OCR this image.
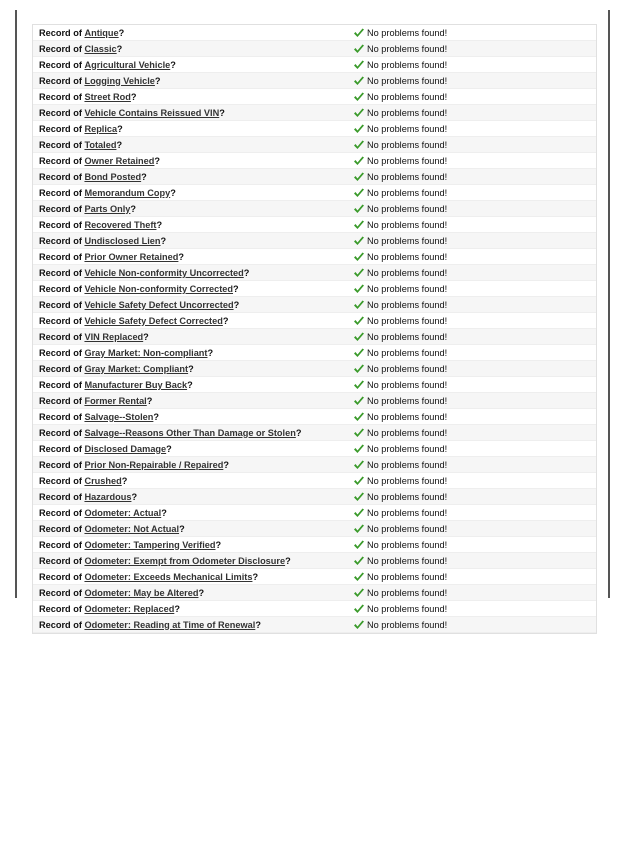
Record of Antique?	No problems found!
Record of Classic?	No problems found!
Record of Agricultural Vehicle?	No problems found!
Record of Logging Vehicle?	No problems found!
Record of Street Rod?	No problems found!
Record of Vehicle Contains Reissued VIN?	No problems found!
Record of Replica?	No problems found!
Record of Totaled?	No problems found!
Record of Owner Retained?	No problems found!
Record of Bond Posted?	No problems found!
Record of Memorandum Copy?	No problems found!
Record of Parts Only?	No problems found!
Record of Recovered Theft?	No problems found!
Record of Undisclosed Lien?	No problems found!
Record of Prior Owner Retained?	No problems found!
Record of Vehicle Non-conformity Uncorrected?	No problems found!
Record of Vehicle Non-conformity Corrected?	No problems found!
Record of Vehicle Safety Defect Uncorrected?	No problems found!
Record of Vehicle Safety Defect Corrected?	No problems found!
Record of VIN Replaced?	No problems found!
Record of Gray Market: Non-compliant?	No problems found!
Record of Gray Market: Compliant?	No problems found!
Record of Manufacturer Buy Back?	No problems found!
Record of Former Rental?	No problems found!
Record of Salvage--Stolen?	No problems found!
Record of Salvage--Reasons Other Than Damage or Stolen?	No problems found!
Record of Disclosed Damage?	No problems found!
Record of Prior Non-Repairable / Repaired?	No problems found!
Record of Crushed?	No problems found!
Record of Hazardous?	No problems found!
Record of Odometer: Actual?	No problems found!
Record of Odometer: Not Actual?	No problems found!
Record of Odometer: Tampering Verified?	No problems found!
Record of Odometer: Exempt from Odometer Disclosure?	No problems found!
Record of Odometer: Exceeds Mechanical Limits?	No problems found!
Record of Odometer: May be Altered?	No problems found!
Record of Odometer: Replaced?	No problems found!
Record of Odometer: Reading at Time of Renewal?	No problems found!
